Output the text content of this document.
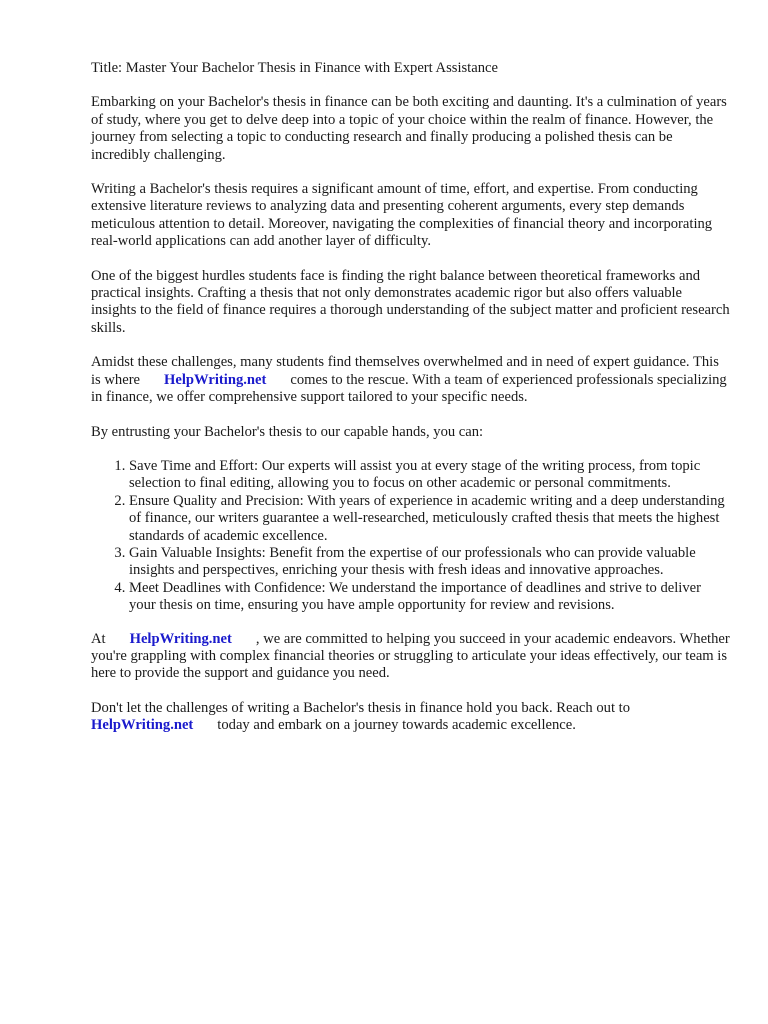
Title: Master Your Bachelor Thesis in Finance with Expert Assistance

Embarking on your Bachelor's thesis in finance can be both exciting and daunting. It's a culmination of years of study, where you get to delve deep into a topic of your choice within the realm of finance. However, the journey from selecting a topic to conducting research and finally producing a polished thesis can be incredibly challenging.

Writing a Bachelor's thesis requires a significant amount of time, effort, and expertise. From conducting extensive literature reviews to analyzing data and presenting coherent arguments, every step demands meticulous attention to detail. Moreover, navigating the complexities of financial theory and incorporating real-world applications can add another layer of difficulty.

One of the biggest hurdles students face is finding the right balance between theoretical frameworks and practical insights. Crafting a thesis that not only demonstrates academic rigor but also offers valuable insights to the field of finance requires a thorough understanding of the subject matter and proficient research skills.

Amidst these challenges, many students find themselves overwhelmed and in need of expert guidance. This is where HelpWriting.net comes to the rescue. With a team of experienced professionals specializing in finance, we offer comprehensive support tailored to your specific needs.

By entrusting your Bachelor's thesis to our capable hands, you can:

1. Save Time and Effort: Our experts will assist you at every stage of the writing process, from topic selection to final editing, allowing you to focus on other academic or personal commitments.
2. Ensure Quality and Precision: With years of experience in academic writing and a deep understanding of finance, our writers guarantee a well-researched, meticulously crafted thesis that meets the highest standards of academic excellence.
3. Gain Valuable Insights: Benefit from the expertise of our professionals who can provide valuable insights and perspectives, enriching your thesis with fresh ideas and innovative approaches.
4. Meet Deadlines with Confidence: We understand the importance of deadlines and strive to deliver your thesis on time, ensuring you have ample opportunity for review and revisions.

At HelpWriting.net , we are committed to helping you succeed in your academic endeavors. Whether you're grappling with complex financial theories or struggling to articulate your ideas effectively, our team is here to provide the support and guidance you need.

Don't let the challenges of writing a Bachelor's thesis in finance hold you back. Reach out to
HelpWriting.net today and embark on a journey towards academic excellence.
